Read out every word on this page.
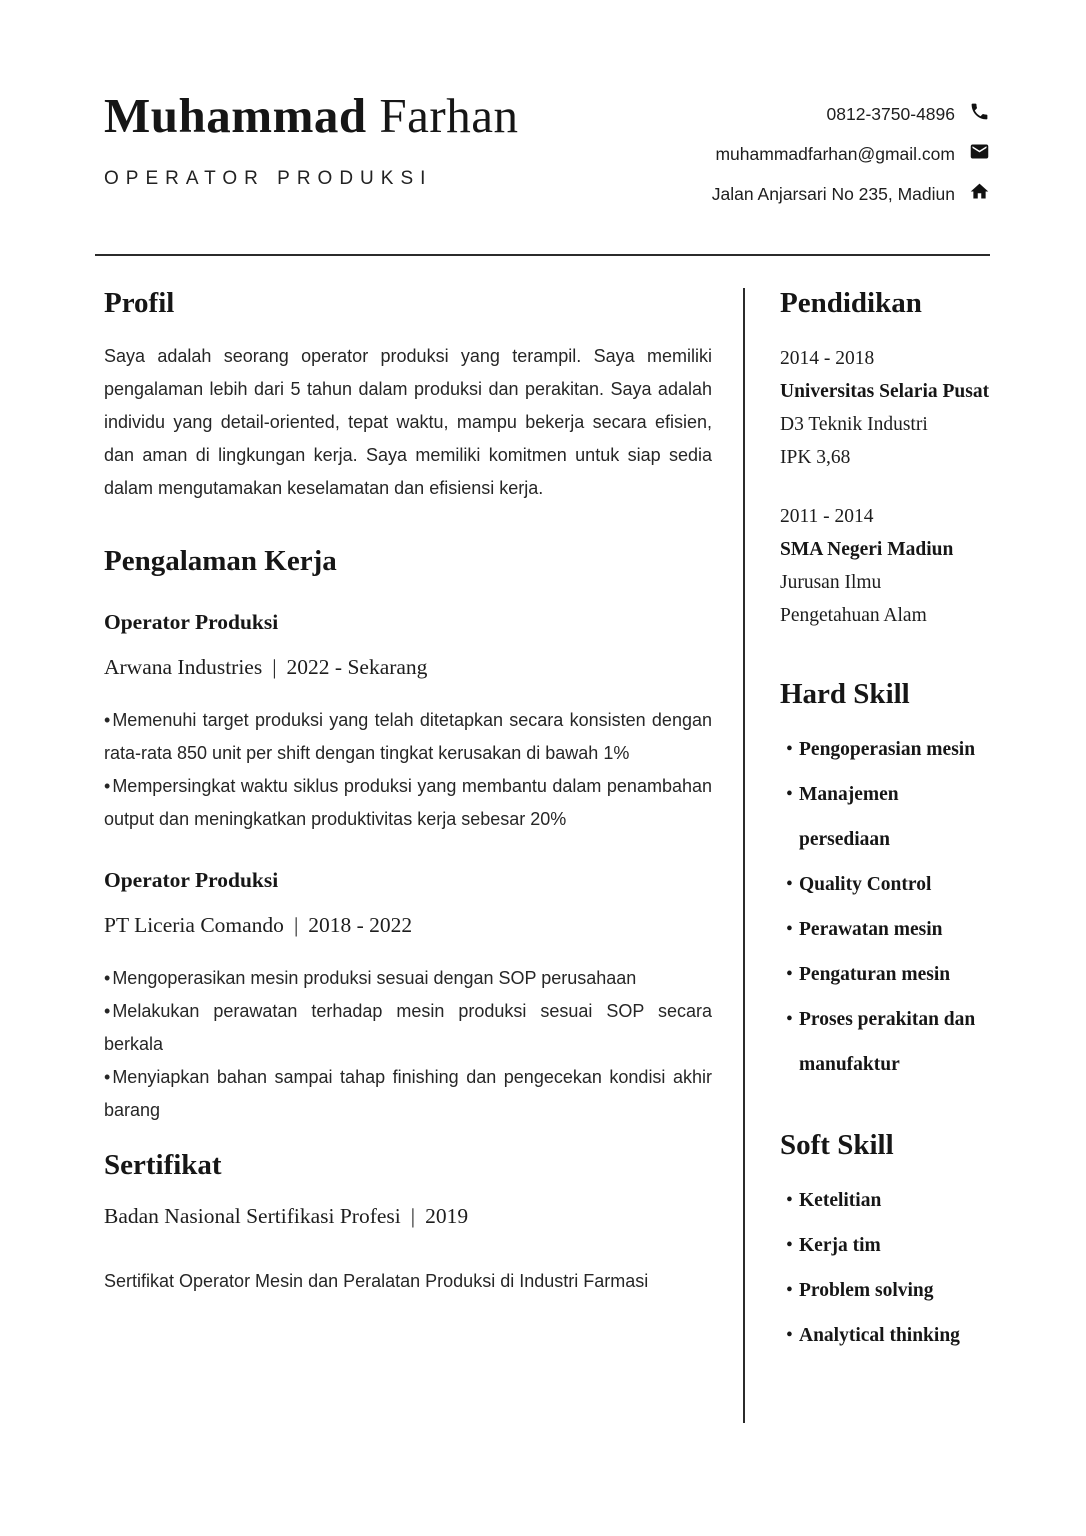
Muhammad Farhan
OPERATOR PRODUKSI
0812-3750-4896
muhammadfarhan@gmail.com
Jalan Anjarsari No 235, Madiun
Profil

Saya adalah seorang operator produksi yang terampil. Saya memiliki pengalaman lebih dari 5 tahun dalam produksi dan perakitan. Saya adalah individu yang detail-oriented, tepat waktu, mampu bekerja secara efisien, dan aman di lingkungan kerja. Saya memiliki komitmen untuk siap sedia dalam mengutamakan keselamatan dan efisiensi kerja.

Pengalaman Kerja
Operator Produksi
Arwana Industries | 2022 - Sekarang

• Memenuhi target produksi yang telah ditetapkan secara konsisten dengan rata-rata 850 unit per shift dengan tingkat kerusakan di bawah 1%

• Mempersingkat waktu siklus produksi yang membantu dalam penambahan output dan meningkatkan produktivitas kerja sebesar 20%

Operator Produksi
PT Liceria Comando | 2018 - 2022

• Mengoperasikan mesin produksi sesuai dengan SOP perusahaan

• Melakukan perawatan terhadap mesin produksi sesuai SOP secara berkala

• Menyiapkan bahan sampai tahap finishing dan pengecekan kondisi akhir barang

Sertifikat
Badan Nasional Sertifikasi Profesi | 2019

Sertifikat Operator Mesin dan Peralatan Produksi di Industri Farmasi

Pendidikan
2014 - 2018
Universitas Selaria Pusat
D3 Teknik Industri
IPK 3,68
2011 - 2014
SMA Negeri Madiun
Jurusan Ilmu
Pengetahuan Alam
Hard Skill
• Pengoperasian mesin
• Manajemen persediaan
• Quality Control
• Perawatan mesin
• Pengaturan mesin
• Proses perakitan dan manufaktur
Soft Skill
• Ketelitian
• Kerja tim
• Problem solving
• Analytical thinking
